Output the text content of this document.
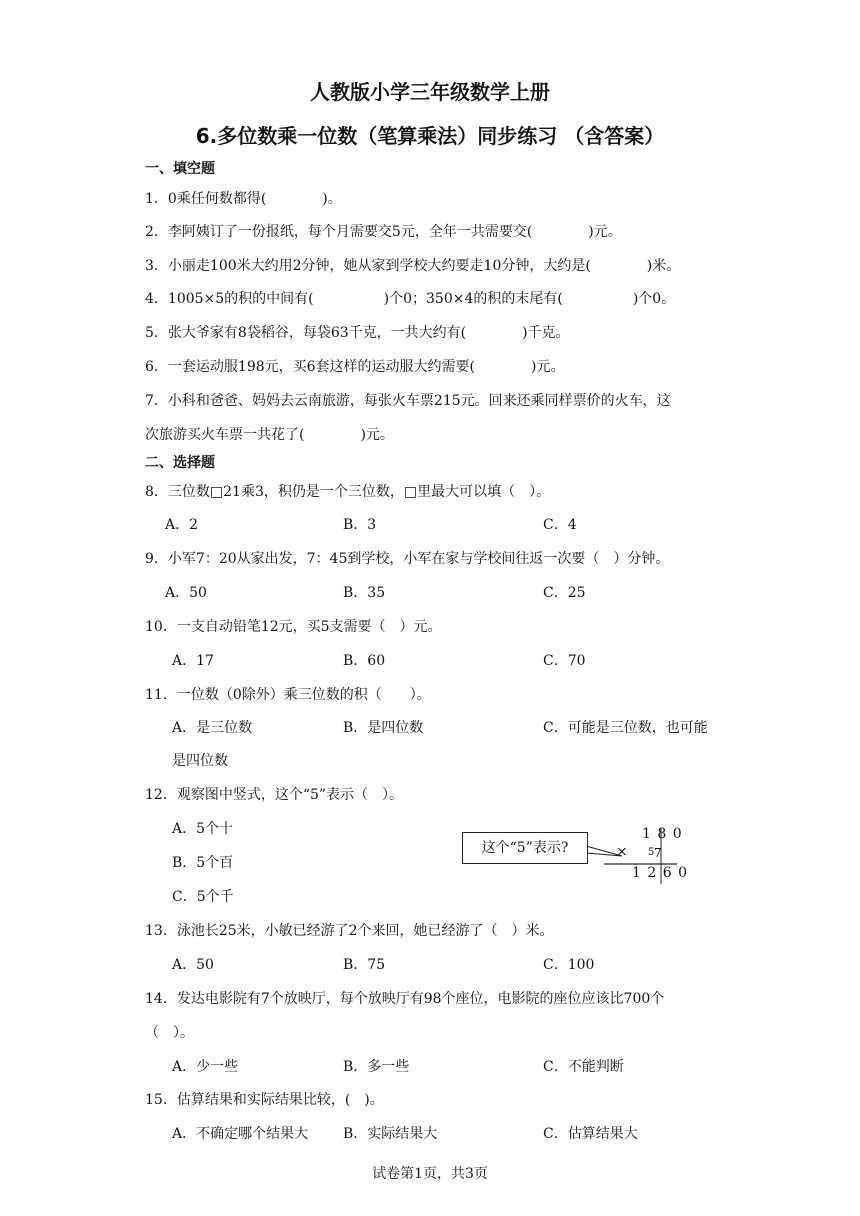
人教版小学三年级数学上册
6.多位数乘一位数（笔算乘法）同步练习 （含答案）
一、填空题
1．0乘任何数都得(　　　　)。
2．李阿姨订了一份报纸，每个月需要交5元，全年一共需要交(　　　　)元。
3．小丽走100米大约用2分钟，她从家到学校大约要走10分钟，大约是(　　　　)米。
4．1005×5的积的中间有(　　　　　)个0；350×4的积的末尾有(　　　　　)个0。
5．张大爷家有8袋稻谷，每袋63千克，一共大约有(　　　　)千克。
6．一套运动服198元，买6套这样的运动服大约需要(　　　　)元。
7．小科和爸爸、妈妈去云南旅游，每张火车票215元。回来还乘同样票价的火车，这
次旅游买火车票一共花了(　　　　)元。
二、选择题
8．三位数□21乘3，积仍是一个三位数，□里最大可以填（　）。
A．2	B．3	C．4
9．小军7：20从家出发，7：45到学校，小军在家与学校间往返一次要（　）分钟。
A．50	B．35	C．25
10．一支自动铅笔12元，买5支需要（　）元。
A．17	B．60	C．70
11．一位数（0除外）乘三位数的积（　　）。
A．是三位数	B．是四位数	C．可能是三位数，也可能
是四位数
12．观察图中竖式，这个“5”表示（　）。
A．5个十
B．5个百
C．5个千
这个“5”表示?
1 8 0
× 5 7
1 2 6 0
13．泳池长25米，小敏已经游了2个来回，她已经游了（　）米。
A．50	B．75	C．100
14．发达电影院有7个放映厅，每个放映厅有98个座位，电影院的座位应该比700个
（　）。
A．少一些	B．多一些	C．不能判断
15．估算结果和实际结果比较，(　)。
A．不确定哪个结果大 B．实际结果大	C．估算结果大
试卷第1页，共3页
